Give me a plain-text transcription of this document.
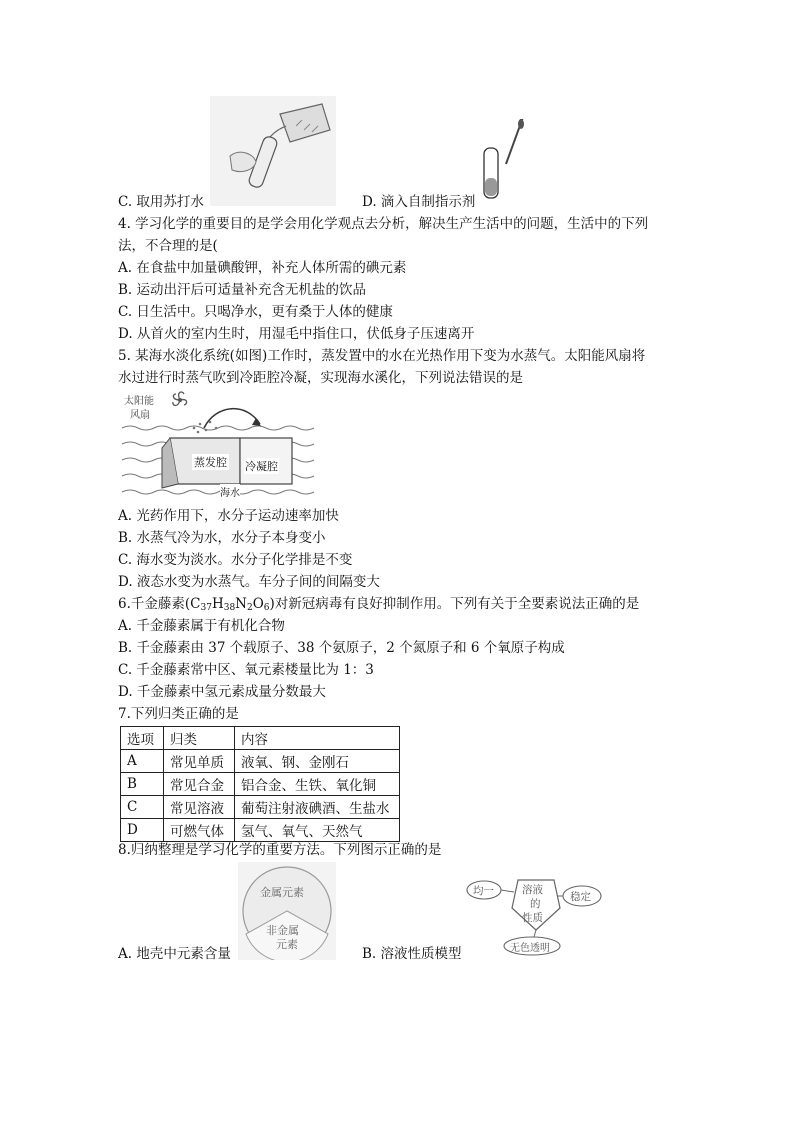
C. 取用苏打水	D. 滴入自制指示剂
4. 学习化学的重要目的是学会用化学观点去分析，解决生产生活中的问题，生活中的下列
法，不合理的是(
A. 在食盐中加量碘酸钾，补充人体所需的碘元素
B. 运动出汗后可适量补充含无机盐的饮品
C. 日生活中。只喝净水，更有桑于人体的健康
D. 从首火的室内生时，用湿毛中指住口，伏低身子压速离开
5. 某海水淡化系统(如图)工作时，蒸发置中的水在光热作用下变为水蒸气。太阳能风扇将
水过进行时蒸气吹到冷距腔冷凝，实现海水溪化，下列说法错误的是
太阳能
风扇
蒸发腔 冷凝腔
海水
A. 光药作用下，水分子运动速率加快
B. 水蒸气冷为水，水分子本身变小
C. 海水变为淡水。水分子化学排是不变
D. 液态水变为水蒸气。车分子间的间隔变大
6.千金藤素$(C_{37}H_{38}N_2O_6)$对新冠病毒有良好抑制作用。下列有关于全要素说法正确的是
A. 千金藤素属于有机化合物
B. 千金藤素由 37 个载原子、38 个氨原子，2 个氮原子和 6 个氧原子构成
C. 千金藤素常中区、氧元素楼量比为 1：3
D. 千金藤素中氢元素成量分数最大
7.下列归类正确的是
选项	归类	内容
A	常见单质	液氧、钢、金刚石
B	常见合金	铝合金、生铁、氧化铜
C	常见溶液	葡萄注射液碘酒、生盐水
D	可燃气体	氢气、氧气、天然气
8.归纳整理是学习化学的重要方法。下列图示正确的是
金属元素
非金属
元素
A. 地壳中元素含量
溶液
的
性质
均一	稳定
无色透明
B. 溶液性质模型
